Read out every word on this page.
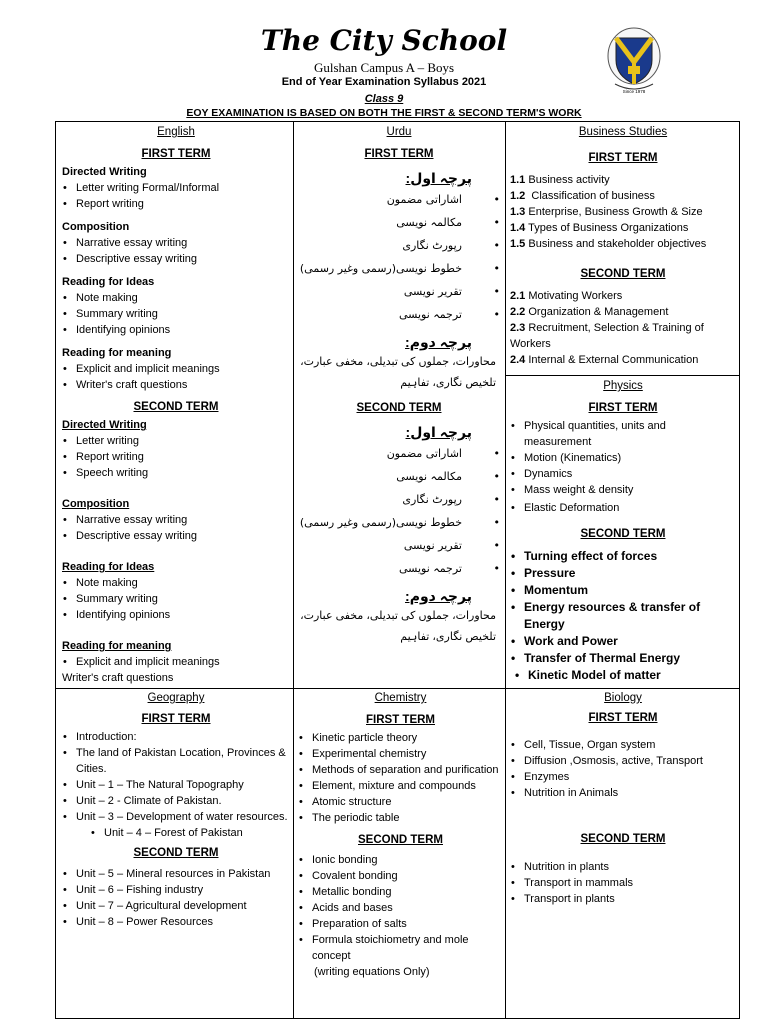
The City School
Gulshan Campus A – Boys
End of Year Examination Syllabus 2021
Class 9
EOY EXAMINATION IS BASED ON BOTH THE FIRST & SECOND TERM'S WORK
Since 1978
English
FIRST TERM
Directed Writing
• Letter writing Formal/Informal
• Report writing
Composition
• Narrative essay writing
• Descriptive essay writing
Reading for Ideas
• Note making
• Summary writing
• Identifying opinions
Reading for meaning
• Explicit and implicit meanings
• Writer's craft questions
SECOND TERM
Directed Writing
• Letter writing
• Report writing
• Speech writing
Composition
• Narrative essay writing
• Descriptive essay writing
Reading for Ideas
• Note making
• Summary writing
• Identifying opinions
Reading for meaning
• Explicit and implicit meanings
Writer's craft questions
Urdu
FIRST TERM
پرچہ اول:
• اشاراتی مضمون
• مکالمہ نویسی
• رپورٹ نگاری
• خطوط نویسی(رسمی وغیر رسمی)
• تقریر نویسی
• ترجمہ نویسی
پرچہ دوم:
محاورات، جملوں کی تبدیلی، مخفی عبارت، تلخیص نگاری، تفاہیم
SECOND TERM
پرچہ اول:
• اشاراتی مضمون
• مکالمہ نویسی
• رپورٹ نگاری
• خطوط نویسی(رسمی وغیر رسمی)
• تقریر نویسی
• ترجمہ نویسی
پرچہ دوم:
محاورات، جملوں کی تبدیلی، مخفی عبارت، تلخیص نگاری، تفاہیم
Business Studies
FIRST TERM
1.1 Business activity
1.2 Classification of business
1.3 Enterprise, Business Growth & Size
1.4 Types of Business Organizations
1.5 Business and stakeholder objectives
SECOND TERM
2.1 Motivating Workers
2.2 Organization & Management
2.3 Recruitment, Selection & Training of Workers
2.4 Internal & External Communication
Physics
FIRST TERM
• Physical quantities, units and measurement
• Motion (Kinematics)
• Dynamics
• Mass weight & density
• Elastic Deformation
SECOND TERM
• Turning effect of forces
• Pressure
• Momentum
• Energy resources & transfer of Energy
• Work and Power
• Transfer of Thermal Energy
• Kinetic Model of matter
Geography
FIRST TERM
• Introduction:
• The land of Pakistan Location, Provinces & Cities.
• Unit – 1 – The Natural Topography
• Unit – 2 - Climate of Pakistan.
• Unit – 3 – Development of water resources.
• Unit – 4 – Forest of Pakistan
SECOND TERM
• Unit – 5 – Mineral resources in Pakistan
• Unit – 6 – Fishing industry
• Unit – 7 – Agricultural development
• Unit – 8 – Power Resources
Chemistry
FIRST TERM
• Kinetic particle theory
• Experimental chemistry
• Methods of separation and purification
• Element, mixture and compounds
• Atomic structure
• The periodic table
SECOND TERM
• Ionic bonding
• Covalent bonding
• Metallic bonding
• Acids and bases
• Preparation of salts
• Formula stoichiometry and mole concept
(writing equations Only)
Biology
FIRST TERM
• Cell, Tissue, Organ system
• Diffusion ,Osmosis, active, Transport
• Enzymes
• Nutrition in Animals
SECOND TERM
• Nutrition in plants
• Transport in mammals
• Transport in plants
